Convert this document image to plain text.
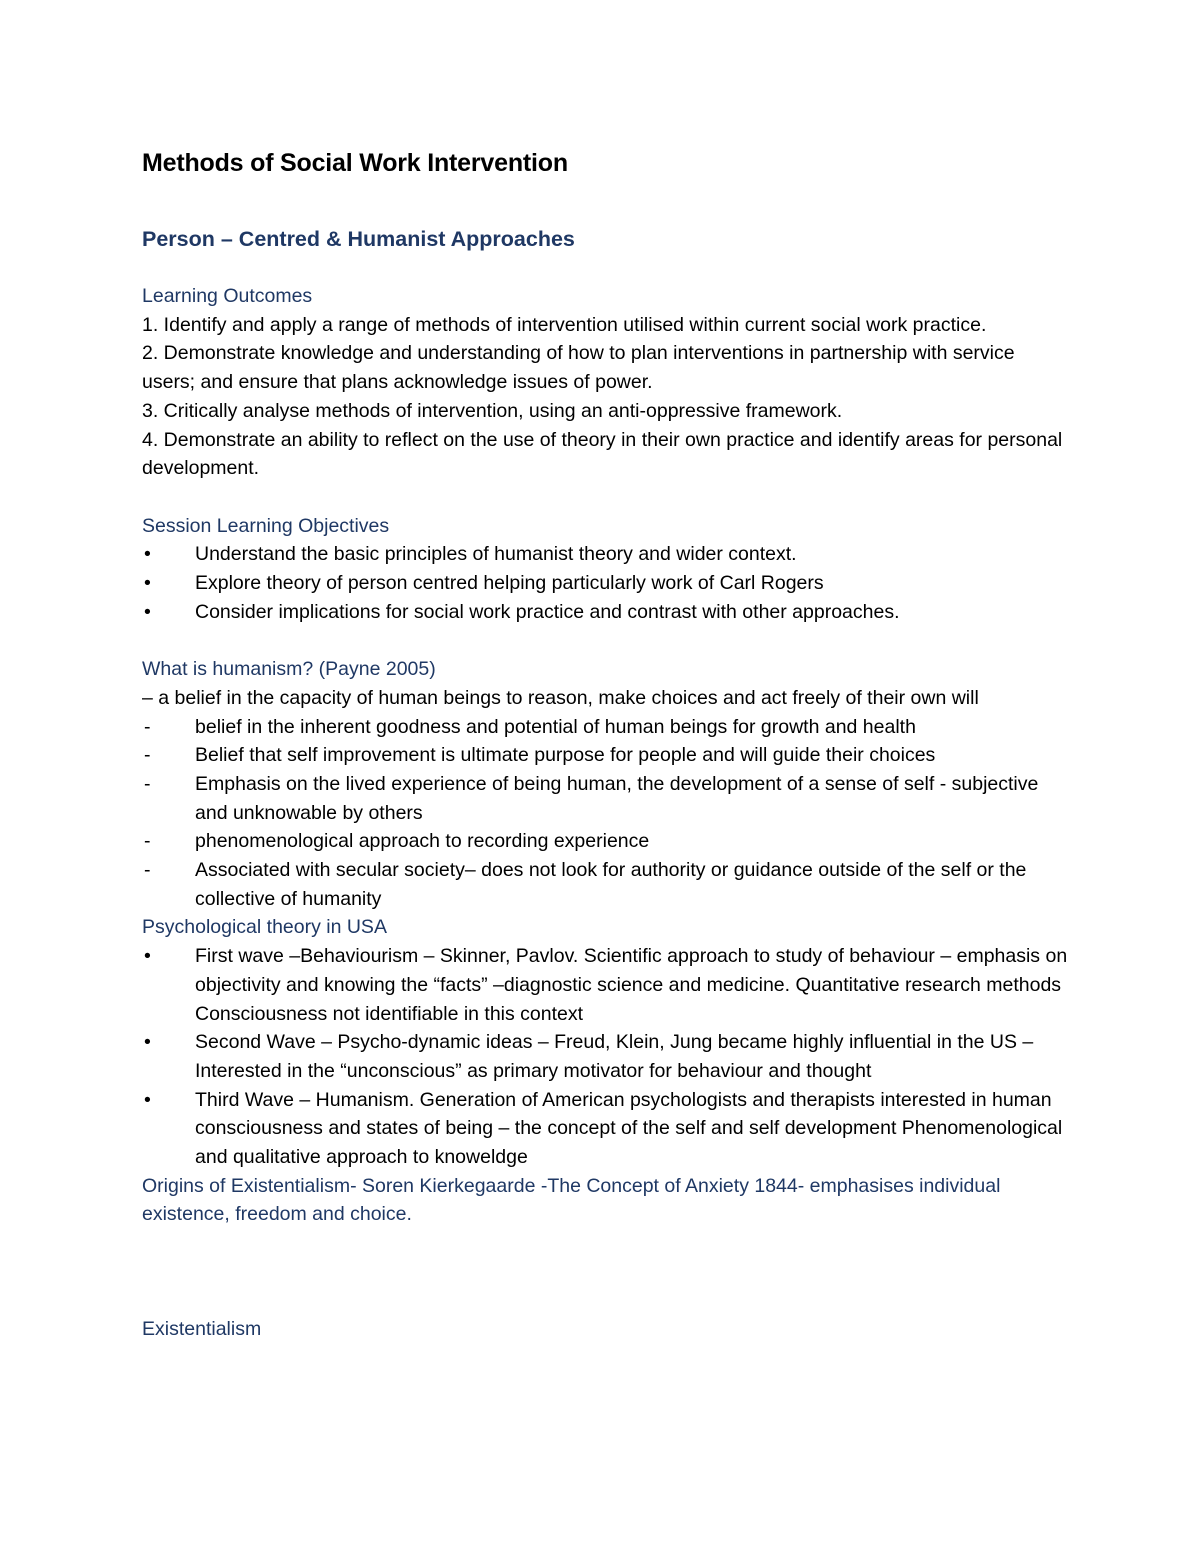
Methods of Social Work Intervention
Person – Centred & Humanist Approaches
Learning Outcomes
1. Identify and apply a range of methods of intervention utilised within current social work practice.
2. Demonstrate knowledge and understanding of how to plan interventions in partnership with service users; and ensure that plans acknowledge issues of power.
3. Critically analyse methods of intervention, using an anti-oppressive framework.
4. Demonstrate an ability to reflect on the use of theory in their own practice and identify areas for personal development.
Session Learning Objectives
•	Understand the basic principles of humanist theory and wider context.
•	Explore theory of person centred helping particularly work of Carl Rogers
•	Consider implications for social work practice and contrast with other approaches.
What is humanism? (Payne 2005)
– a belief in the capacity of human beings to reason, make choices and act freely of their own will
-	belief in the inherent goodness and potential of human beings for growth and health
-	Belief that self improvement is ultimate purpose for people and will guide their choices
-	Emphasis on the lived experience of being human, the development of a sense of self - subjective and unknowable by others
-	phenomenological approach to recording experience
-	Associated with secular society– does not look for authority or guidance outside of the self or the collective of humanity
Psychological theory in USA
•	First wave –Behaviourism – Skinner, Pavlov. Scientific approach to study of behaviour – emphasis on objectivity and knowing the “facts” –diagnostic science and medicine. Quantitative research methods Consciousness not identifiable in this context
•	Second Wave – Psycho-dynamic ideas – Freud, Klein, Jung became highly influential in the US – Interested in the “unconscious” as primary motivator for behaviour and thought
•	Third Wave – Humanism. Generation of American psychologists and therapists interested in human consciousness and states of being – the concept of the self and self development Phenomenological and qualitative approach to knoweldge
Origins of Existentialism- Soren Kierkegaarde -The Concept of Anxiety 1844- emphasises individual existence, freedom and choice.
Existentialism
